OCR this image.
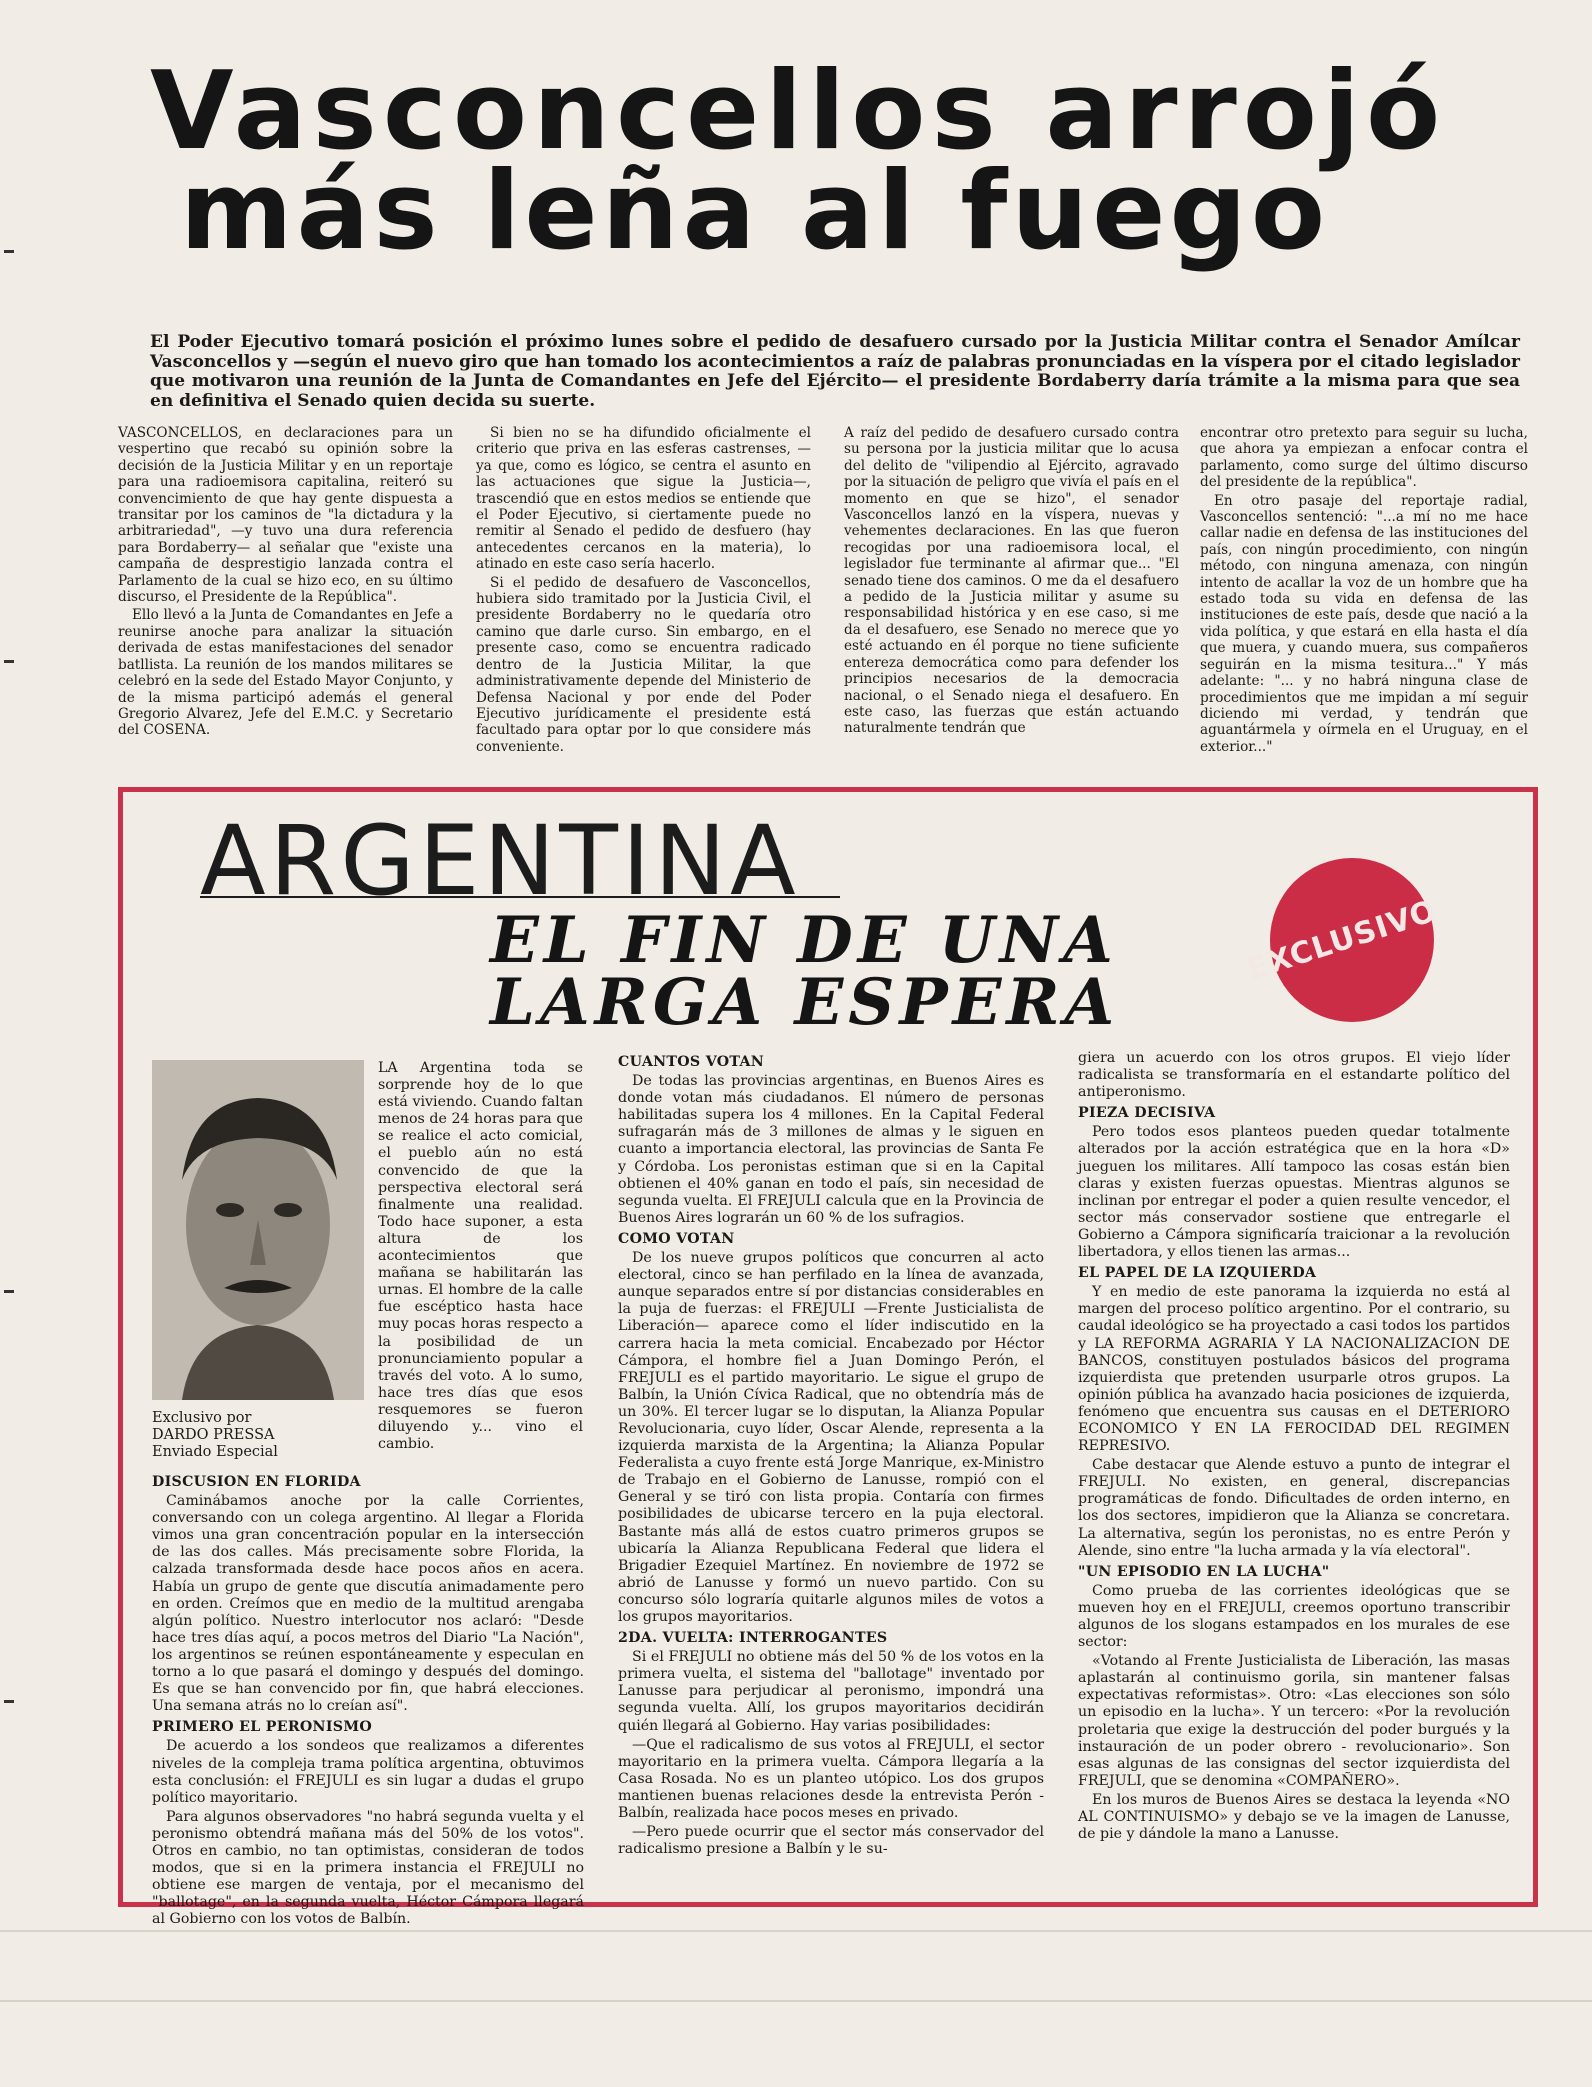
Vasconcellos arrojó
más leña al fuego

El Poder Ejecutivo tomará posición el próximo lunes sobre el pedido de desafuero cursado por la Justicia Militar contra el Senador Amílcar Vasconcellos y —según el nuevo giro que han tomado los acontecimientos a raíz de palabras pronunciadas en la víspera por el citado legislador que motivaron una reunión de la Junta de Comandantes en Jefe del Ejército— el presidente Bordaberry daría trámite a la misma para que sea en definitiva el Senado quien decida su suerte.

VASCONCELLOS, en declaraciones para un vespertino que recabó su opinión sobre la decisión de la Justicia Militar y en un reportaje para una radioemisora capitalina, reiteró su convencimiento de que hay gente dispuesta a transitar por los caminos de "la dictadura y la arbitrariedad", —y tuvo una dura referencia para Bordaberry— al señalar que "existe una campaña de desprestigio lanzada contra el Parlamento de la cual se hizo eco, en su último discurso, el Presidente de la República".

Ello llevó a la Junta de Comandantes en Jefe a reunirse anoche para analizar la situación derivada de estas manifestaciones del senador batllista. La reunión de los mandos militares se celebró en la sede del Estado Mayor Conjunto, y de la misma participó además el general Gregorio Alvarez, Jefe del E.M.C. y Secretario del COSENA.

Si bien no se ha difundido oficialmente el criterio que priva en las esferas castrenses, —ya que, como es lógico, se centra el asunto en las actuaciones que sigue la Justicia—, trascendió que en estos medios se entiende que el Poder Ejecutivo, si ciertamente puede no remitir al Senado el pedido de desfuero (hay antecedentes cercanos en la materia), lo atinado en este caso sería hacerlo.

Si el pedido de desafuero de Vasconcellos, hubiera sido tramitado por la Justicia Civil, el presidente Bordaberry no le quedaría otro camino que darle curso. Sin embargo, en el presente caso, como se encuentra radicado dentro de la Justicia Militar, la que administrativamente depende del Ministerio de Defensa Nacional y por ende del Poder Ejecutivo jurídicamente el presidente está facultado para optar por lo que considere más conveniente.

A raíz del pedido de desafuero cursado contra su persona por la justicia militar que lo acusa del delito de "vilipendio al Ejército, agravado por la situación de peligro que vivía el país en el momento en que se hizo", el senador Vasconcellos lanzó en la víspera, nuevas y vehementes declaraciones. En las que fueron recogidas por una radioemisora local, el legislador fue terminante al afirmar que... "El senado tiene dos caminos. O me da el desafuero a pedido de la Justicia militar y asume su responsabilidad histórica y en ese caso, si me da el desafuero, ese Senado no merece que yo esté actuando en él porque no tiene suficiente entereza democrática como para defender los principios necesarios de la democracia nacional, o el Senado niega el desafuero. En este caso, las fuerzas que están actuando naturalmente tendrán que

encontrar otro pretexto para seguir su lucha, que ahora ya empiezan a enfocar contra el parlamento, como surge del último discurso del presidente de la república".

En otro pasaje del reportaje radial, Vasconcellos sentenció: "...a mí no me hace callar nadie en defensa de las instituciones del país, con ningún procedimiento, con ningún método, con ninguna amenaza, con ningún intento de acallar la voz de un hombre que ha estado toda su vida en defensa de las instituciones de este país, desde que nació a la vida política, y que estará en ella hasta el día que muera, y cuando muera, sus compañeros seguirán en la misma tesitura..." Y más adelante: "... y no habrá ninguna clase de procedimientos que me impidan a mí seguir diciendo mi verdad, y tendrán que aguantármela y oírmela en el Uruguay, en el exterior..."

ARGENTINA
EL FIN DE UNA
LARGA ESPERA
EXCLUSIVO
Exclusivo por
DARDO PRESSA
Enviado Especial

LA Argentina toda se sorprende hoy de lo que está viviendo. Cuando faltan menos de 24 horas para que se realice el acto comicial, el pueblo aún no está convencido de que la perspectiva electoral será finalmente una realidad. Todo hace suponer, a esta altura de los acontecimientos que mañana se habilitarán las urnas. El hombre de la calle fue escéptico hasta hace muy pocas horas respecto a la posibilidad de un pronunciamiento popular a través del voto. A lo sumo, hace tres días que esos resquemores se fueron diluyendo y... vino el cambio.

DISCUSION EN FLORIDA

Caminábamos anoche por la calle Corrientes, conversando con un colega argentino. Al llegar a Florida vimos una gran concentración popular en la intersección de las dos calles. Más precisamente sobre Florida, la calzada transformada desde hace pocos años en acera. Había un grupo de gente que discutía animadamente pero en orden. Creímos que en medio de la multitud arengaba algún político. Nuestro interlocutor nos aclaró: "Desde hace tres días aquí, a pocos metros del Diario "La Nación", los argentinos se reúnen espontáneamente y especulan en torno a lo que pasará el domingo y después del domingo. Es que se han convencido por fin, que habrá elecciones. Una semana atrás no lo creían así".

PRIMERO EL PERONISMO

De acuerdo a los sondeos que realizamos a diferentes niveles de la compleja trama política argentina, obtuvimos esta conclusión: el FREJULI es sin lugar a dudas el grupo político mayoritario.

Para algunos observadores "no habrá segunda vuelta y el peronismo obtendrá mañana más del 50% de los votos". Otros en cambio, no tan optimistas, consideran de todos modos, que si en la primera instancia el FREJULI no obtiene ese margen de ventaja, por el mecanismo del "ballotage", en la segunda vuelta, Héctor Cámpora llegará al Gobierno con los votos de Balbín.

CUANTOS VOTAN

De todas las provincias argentinas, en Buenos Aires es donde votan más ciudadanos. El número de personas habilitadas supera los 4 millones. En la Capital Federal sufragarán más de 3 millones de almas y le siguen en cuanto a importancia electoral, las provincias de Santa Fe y Córdoba. Los peronistas estiman que si en la Capital obtienen el 40% ganan en todo el país, sin necesidad de segunda vuelta. El FREJULI calcula que en la Provincia de Buenos Aires lograrán un 60 % de los sufragios.

COMO VOTAN

De los nueve grupos políticos que concurren al acto electoral, cinco se han perfilado en la línea de avanzada, aunque separados entre sí por distancias considerables en la puja de fuerzas: el FREJULI —Frente Justicialista de Liberación— aparece como el líder indiscutido en la carrera hacia la meta comicial. Encabezado por Héctor Cámpora, el hombre fiel a Juan Domingo Perón, el FREJULI es el partido mayoritario. Le sigue el grupo de Balbín, la Unión Cívica Radical, que no obtendría más de un 30%. El tercer lugar se lo disputan, la Alianza Popular Revolucionaria, cuyo líder, Oscar Alende, representa a la izquierda marxista de la Argentina; la Alianza Popular Federalista a cuyo frente está Jorge Manrique, ex-Ministro de Trabajo en el Gobierno de Lanusse, rompió con el General y se tiró con lista propia. Contaría con firmes posibilidades de ubicarse tercero en la puja electoral. Bastante más allá de estos cuatro primeros grupos se ubicaría la Alianza Republicana Federal que lidera el Brigadier Ezequiel Martínez. En noviembre de 1972 se abrió de Lanusse y formó un nuevo partido. Con su concurso sólo lograría quitarle algunos miles de votos a los grupos mayoritarios.

2DA. VUELTA: INTERROGANTES

Si el FREJULI no obtiene más del 50 % de los votos en la primera vuelta, el sistema del "ballotage" inventado por Lanusse para perjudicar al peronismo, impondrá una segunda vuelta. Allí, los grupos mayoritarios decidirán quién llegará al Gobierno. Hay varias posibilidades:

—Que el radicalismo de sus votos al FREJULI, el sector mayoritario en la primera vuelta. Cámpora llegaría a la Casa Rosada. No es un planteo utópico. Los dos grupos mantienen buenas relaciones desde la entrevista Perón - Balbín, realizada hace pocos meses en privado.

—Pero puede ocurrir que el sector más conservador del radicalismo presione a Balbín y le su-

giera un acuerdo con los otros grupos. El viejo líder radicalista se transformaría en el estandarte político del antiperonismo.

PIEZA DECISIVA

Pero todos esos planteos pueden quedar totalmente alterados por la acción estratégica que en la hora «D» jueguen los militares. Allí tampoco las cosas están bien claras y existen fuerzas opuestas. Mientras algunos se inclinan por entregar el poder a quien resulte vencedor, el sector más conservador sostiene que entregarle el Gobierno a Cámpora significaría traicionar a la revolución libertadora, y ellos tienen las armas...

EL PAPEL DE LA IZQUIERDA

Y en medio de este panorama la izquierda no está al margen del proceso político argentino. Por el contrario, su caudal ideológico se ha proyectado a casi todos los partidos y LA REFORMA AGRARIA Y LA NACIONALIZACION DE BANCOS, constituyen postulados básicos del programa izquierdista que pretenden usurparle otros grupos. La opinión pública ha avanzado hacia posiciones de izquierda, fenómeno que encuentra sus causas en el DETERIORO ECONOMICO Y EN LA FEROCIDAD DEL REGIMEN REPRESIVO.

Cabe destacar que Alende estuvo a punto de integrar el FREJULI. No existen, en general, discrepancias programáticas de fondo. Dificultades de orden interno, en los dos sectores, impidieron que la Alianza se concretara. La alternativa, según los peronistas, no es entre Perón y Alende, sino entre "la lucha armada y la vía electoral".

"UN EPISODIO EN LA LUCHA"

Como prueba de las corrientes ideológicas que se mueven hoy en el FREJULI, creemos oportuno transcribir algunos de los slogans estampados en los murales de ese sector:

«Votando al Frente Justicialista de Liberación, las masas aplastarán al continuismo gorila, sin mantener falsas expectativas reformistas». Otro: «Las elecciones son sólo un episodio en la lucha». Y un tercero: «Por la revolución proletaria que exige la destrucción del poder burgués y la instauración de un poder obrero - revolucionario». Son esas algunas de las consignas del sector izquierdista del FREJULI, que se denomina «COMPAÑERO».

En los muros de Buenos Aires se destaca la leyenda «NO AL CONTINUISMO» y debajo se ve la imagen de Lanusse, de pie y dándole la mano a Lanusse.
